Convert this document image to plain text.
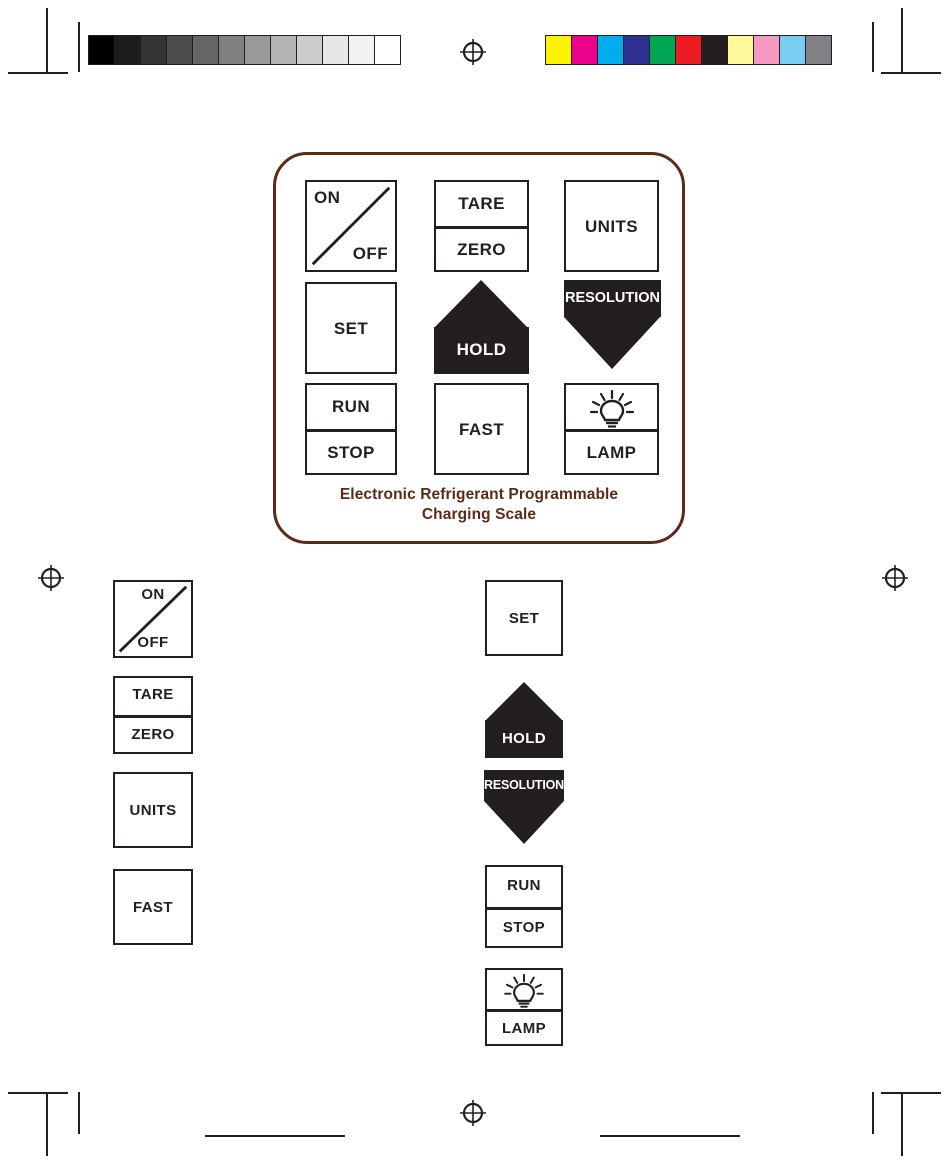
ON
OFF
TARE
ZERO
UNITS
SET
HOLD
RESOLUTION
RUN
STOP
FAST
LAMP
Electronic Refrigerant Programmable
Charging Scale
ON
OFF
TARE
ZERO
UNITS
FAST
SET
HOLD
RESOLUTION
RUN
STOP
LAMP
